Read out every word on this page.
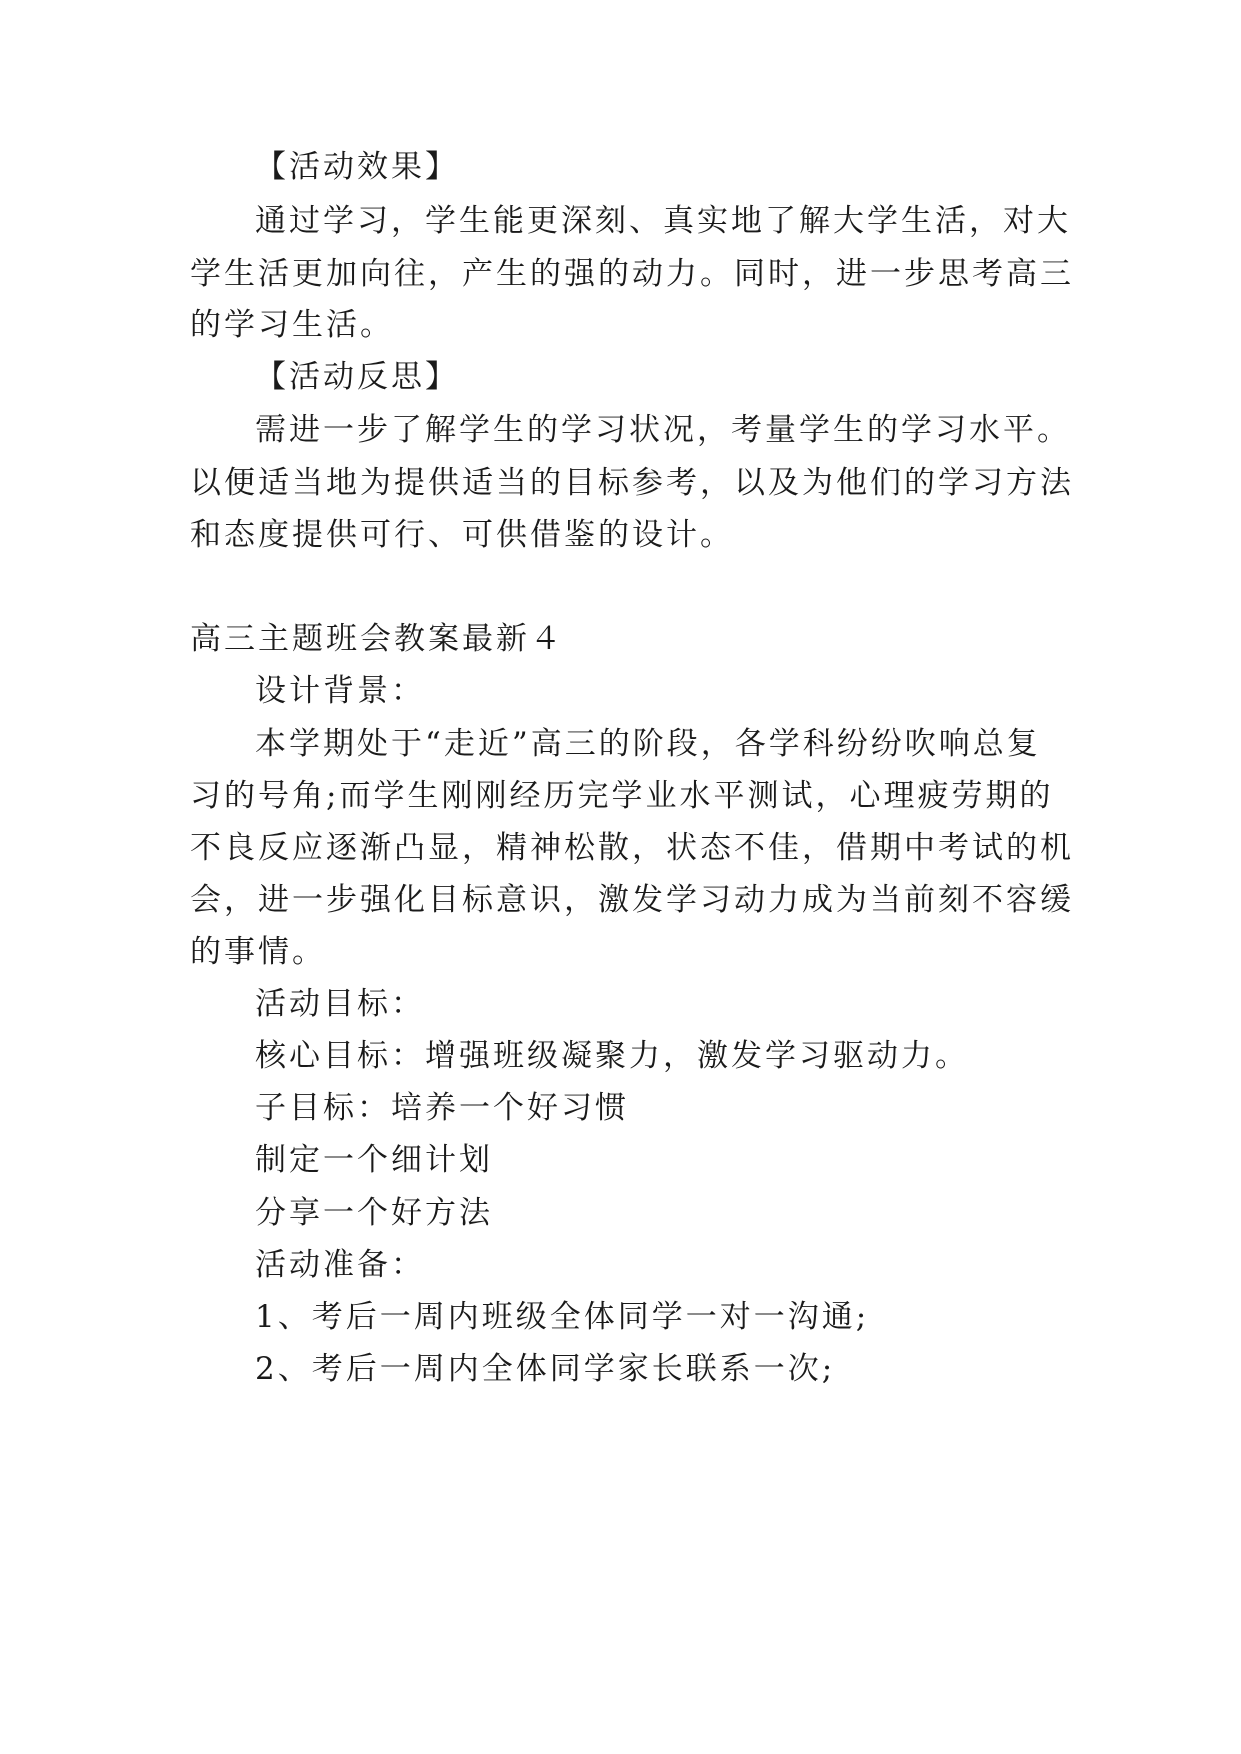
【活动效果】
通过学习，学生能更深刻、真实地了解大学生活，对大
学生活更加向往，产生的强的动力。同时，进一步思考高三
的学习生活。
【活动反思】
需进一步了解学生的学习状况，考量学生的学习水平。
以便适当地为提供适当的目标参考，以及为他们的学习方法
和态度提供可行、可供借鉴的设计。
高三主题班会教案最新４
设计背景：
本学期处于“走近”高三的阶段，各学科纷纷吹响总复
习的号角;而学生刚刚经历完学业水平测试，心理疲劳期的
不良反应逐渐凸显，精神松散，状态不佳，借期中考试的机
会，进一步强化目标意识，激发学习动力成为当前刻不容缓
的事情。
活动目标：
核心目标：增强班级凝聚力，激发学习驱动力。
子目标：培养一个好习惯
制定一个细计划
分享一个好方法
活动准备：
1、考后一周内班级全体同学一对一沟通;
2、考后一周内全体同学家长联系一次;
